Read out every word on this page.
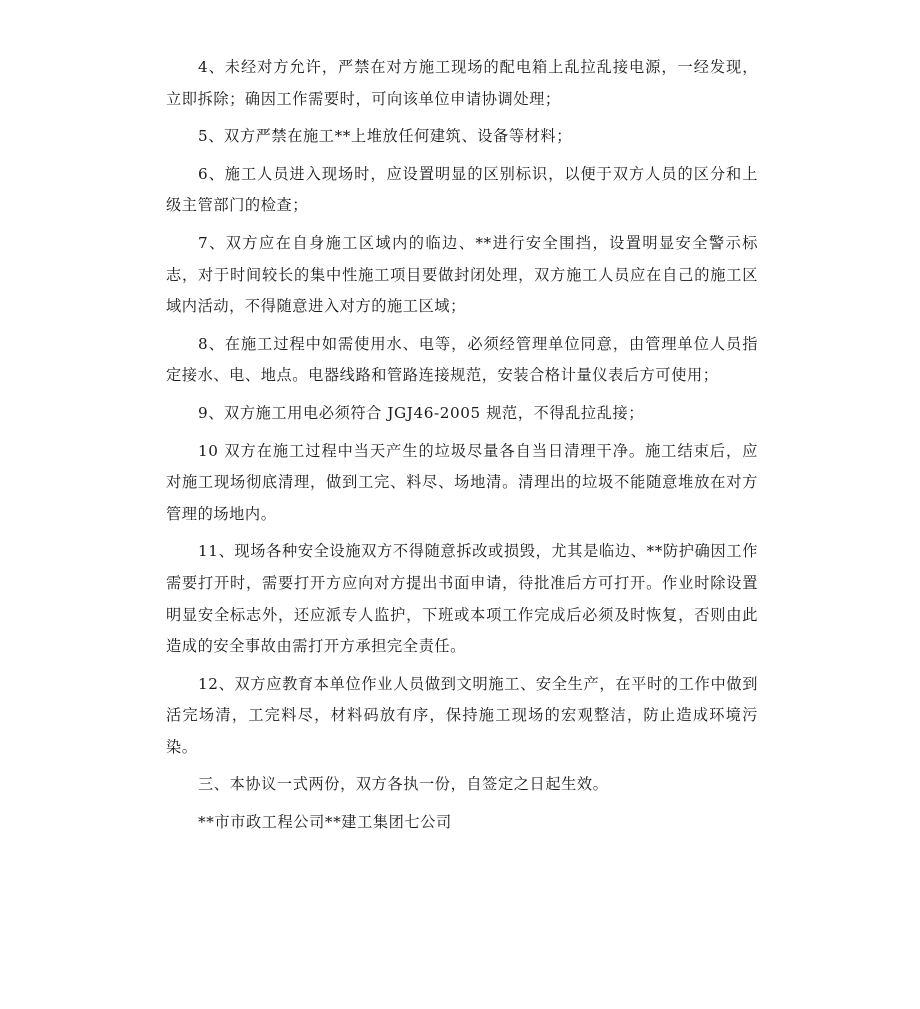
4、未经对方允许，严禁在对方施工现场的配电箱上乱拉乱接电源，一经发现，立即拆除；确因工作需要时，可向该单位申请协调处理；

5、双方严禁在施工**上堆放任何建筑、设备等材料；

6、施工人员进入现场时，应设置明显的区别标识，以便于双方人员的区分和上级主管部门的检查；

7、双方应在自身施工区域内的临边、**进行安全围挡，设置明显安全警示标志，对于时间较长的集中性施工项目要做封闭处理，双方施工人员应在自己的施工区域内活动，不得随意进入对方的施工区域；

8、在施工过程中如需使用水、电等，必须经管理单位同意，由管理单位人员指定接水、电、地点。电器线路和管路连接规范，安装合格计量仪表后方可使用；

9、双方施工用电必须符合 JGJ46-2005 规范，不得乱拉乱接；

10 双方在施工过程中当天产生的垃圾尽量各自当日清理干净。施工结束后，应对施工现场彻底清理，做到工完、料尽、场地清。清理出的垃圾不能随意堆放在对方管理的场地内。

11、现场各种安全设施双方不得随意拆改或损毁，尤其是临边、**防护确因工作需要打开时，需要打开方应向对方提出书面申请，待批准后方可打开。作业时除设置明显安全标志外，还应派专人监护，下班或本项工作完成后必须及时恢复，否则由此造成的安全事故由需打开方承担完全责任。

12、双方应教育本单位作业人员做到文明施工、安全生产，在平时的工作中做到活完场清，工完料尽，材料码放有序，保持施工现场的宏观整洁，防止造成环境污染。

三、本协议一式两份，双方各执一份，自签定之日起生效。

**市市政工程公司**建工集团七公司
